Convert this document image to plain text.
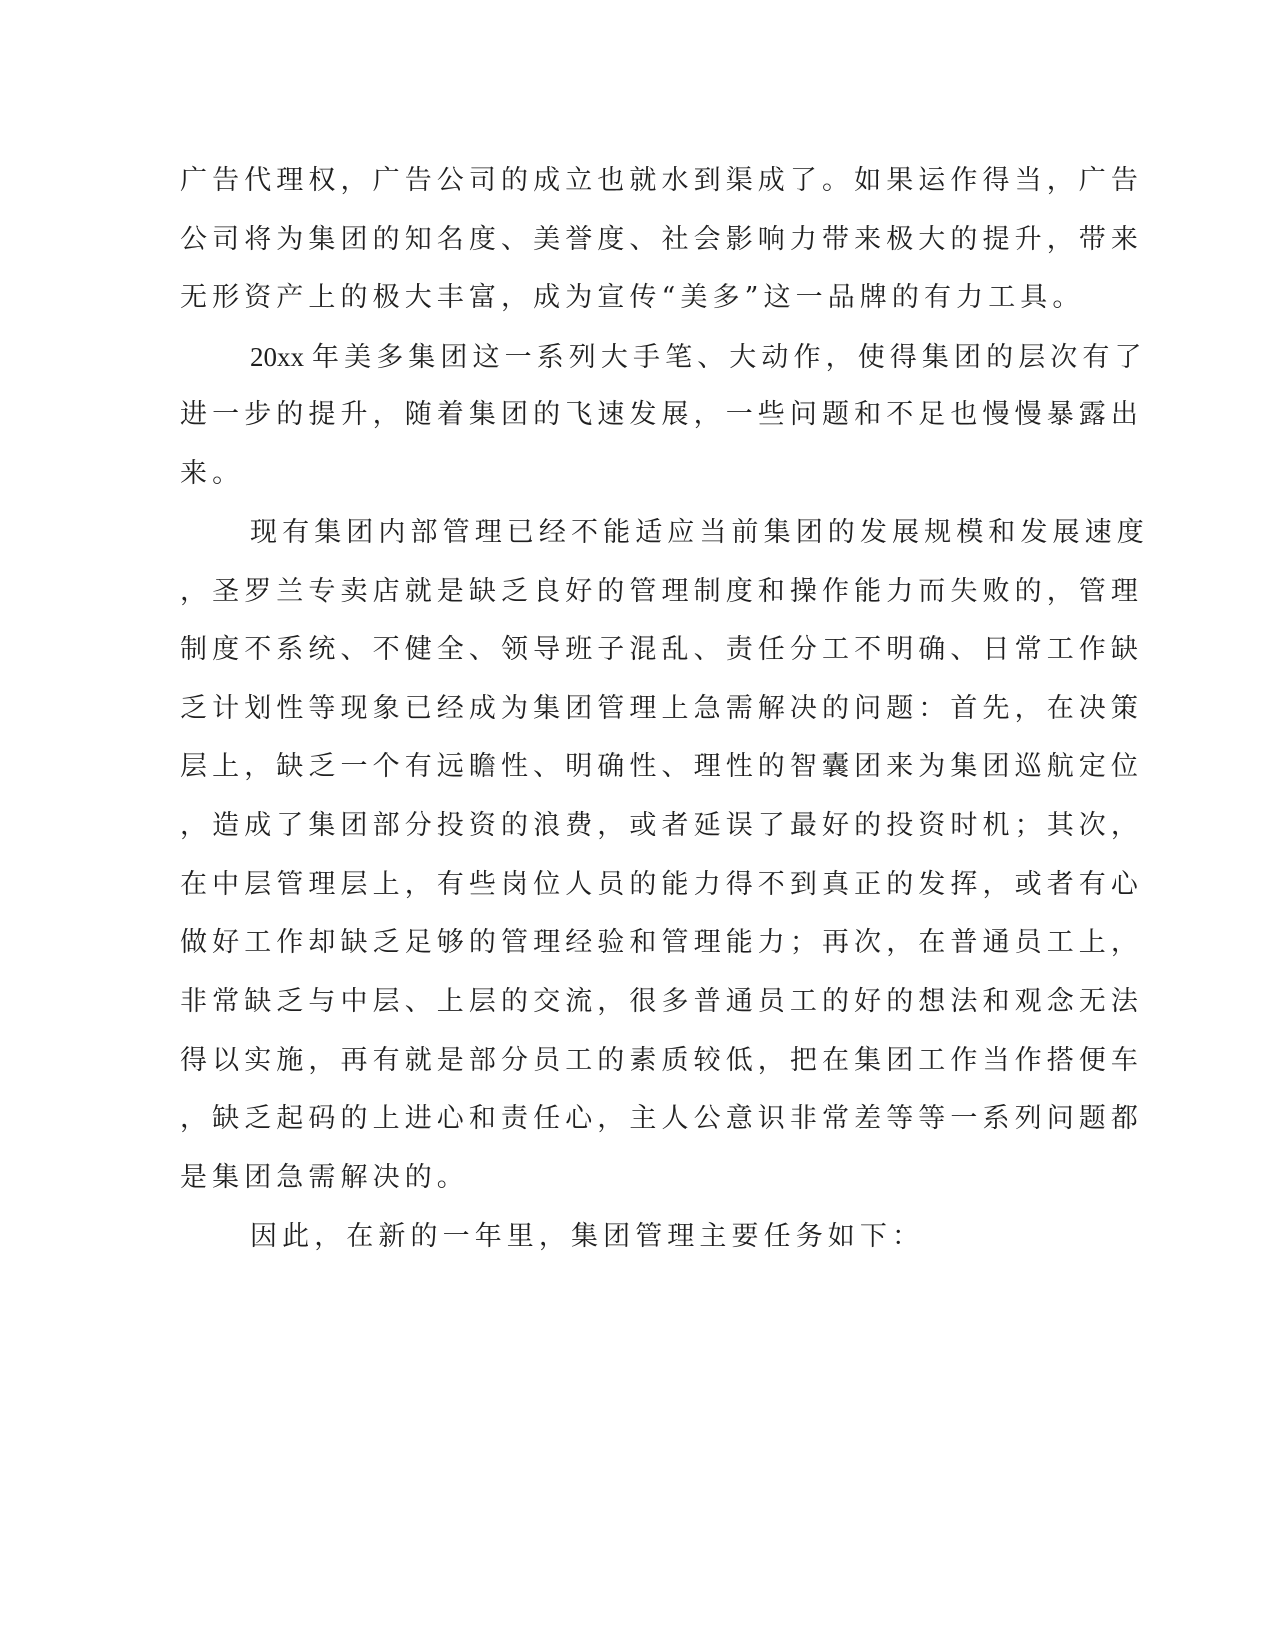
广告代理权，广告公司的成立也就水到渠成了。如果运作得当，广告
公司将为集团的知名度、美誉度、社会影响力带来极大的提升，带来
无形资产上的极大丰富，成为宣传“美多”这一品牌的有力工具。
20xx 年美多集团这一系列大手笔、大动作，使得集团的层次有了
进一步的提升，随着集团的飞速发展，一些问题和不足也慢慢暴露出
来。
现有集团内部管理已经不能适应当前集团的发展规模和发展速度
，圣罗兰专卖店就是缺乏良好的管理制度和操作能力而失败的，管理
制度不系统、不健全、领导班子混乱、责任分工不明确、日常工作缺
乏计划性等现象已经成为集团管理上急需解决的问题：首先，在决策
层上，缺乏一个有远瞻性、明确性、理性的智囊团来为集团巡航定位
，造成了集团部分投资的浪费，或者延误了最好的投资时机；其次，
在中层管理层上，有些岗位人员的能力得不到真正的发挥，或者有心
做好工作却缺乏足够的管理经验和管理能力；再次，在普通员工上，
非常缺乏与中层、上层的交流，很多普通员工的好的想法和观念无法
得以实施，再有就是部分员工的素质较低，把在集团工作当作搭便车
，缺乏起码的上进心和责任心，主人公意识非常差等等一系列问题都
是集团急需解决的。
因此，在新的一年里，集团管理主要任务如下：
